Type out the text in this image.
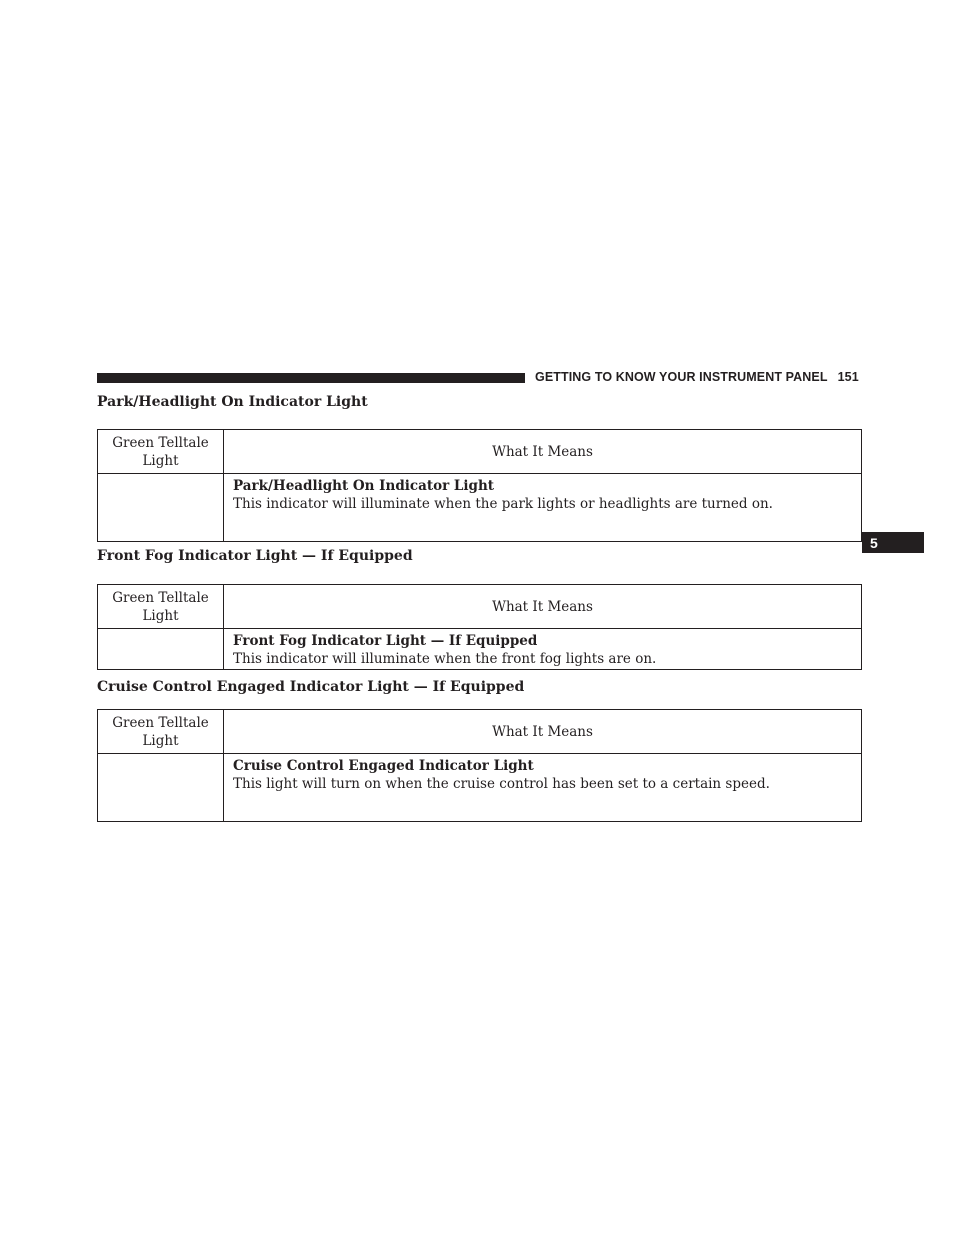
GETTING TO KNOW YOUR INSTRUMENT PANEL 151
5
Park/Headlight On Indicator Light
Green Telltale
Light	What It Means

	Park/Headlight On Indicator Light
This indicator will illuminate when the park lights or headlights are turned on.
Front Fog Indicator Light — If Equipped
Green Telltale
Light	What It Means

	Front Fog Indicator Light — If Equipped
This indicator will illuminate when the front fog lights are on.
Cruise Control Engaged Indicator Light — If Equipped
Green Telltale
Light	What It Means

	Cruise Control Engaged Indicator Light
This light will turn on when the cruise control has been set to a certain speed.
